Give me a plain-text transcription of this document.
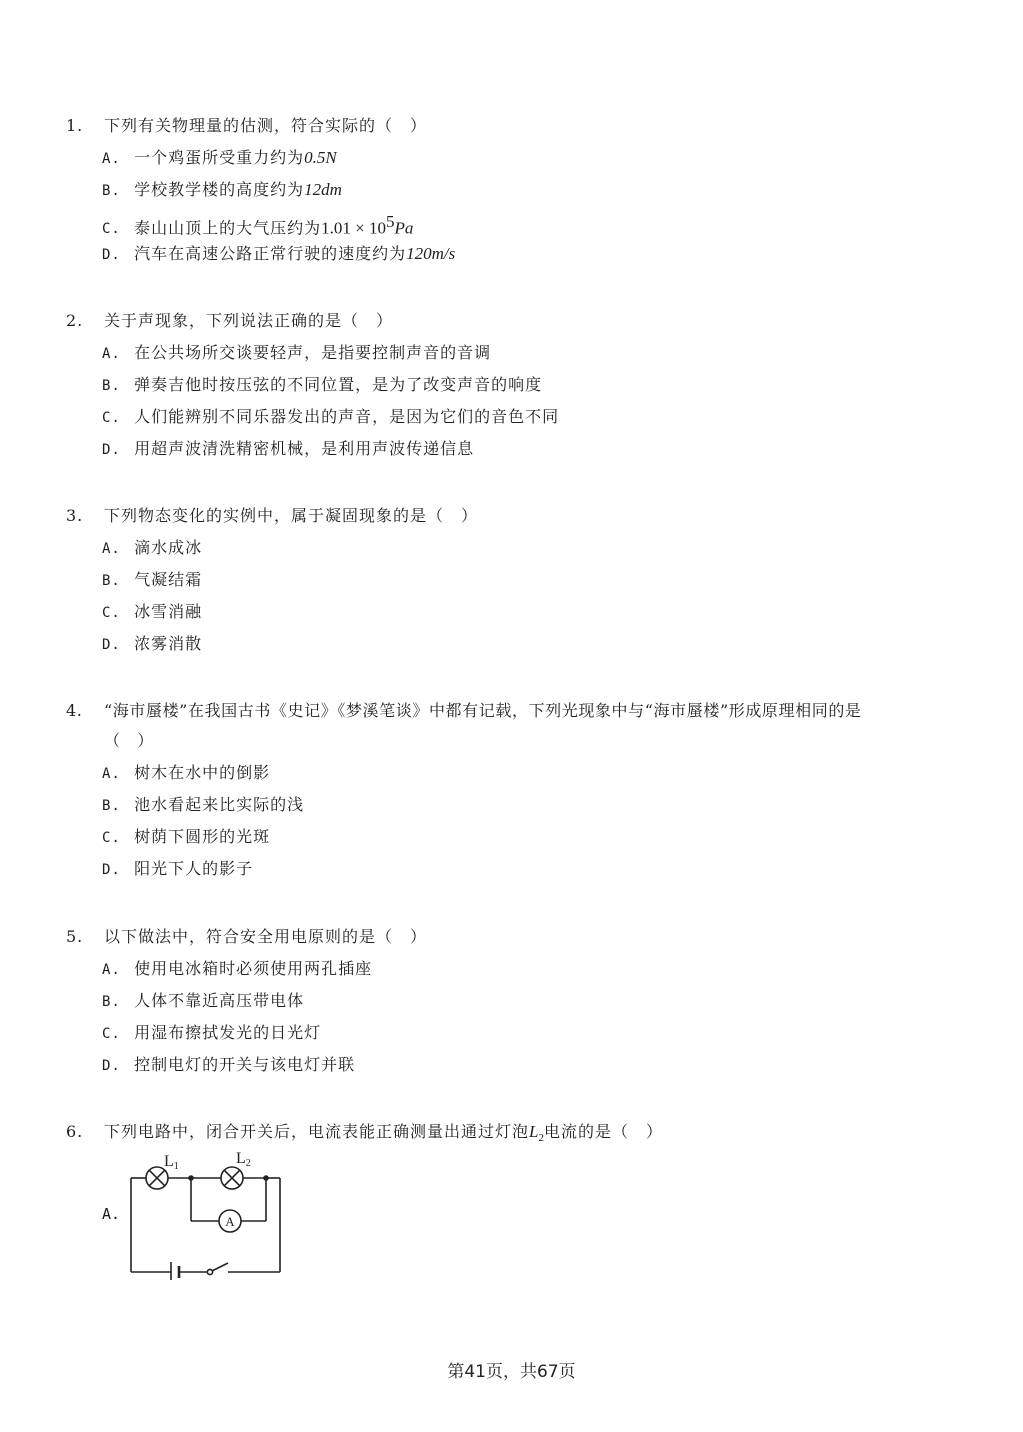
1.	下列有关物理量的估测，符合实际的（　）
A. 一个鸡蛋所受重力约为0.5N
B. 学校教学楼的高度约为12dm
C. 泰山山顶上的大气压约为$1.01 \times 10^5Pa$
D. 汽车在高速公路正常行驶的速度约为120m/s
2.	关于声现象，下列说法正确的是（　）
A. 在公共场所交谈要轻声，是指要控制声音的音调
B. 弹奏吉他时按压弦的不同位置，是为了改变声音的响度
C. 人们能辨别不同乐器发出的声音，是因为它们的音色不同
D. 用超声波清洗精密机械，是利用声波传递信息
3.	下列物态变化的实例中，属于凝固现象的是（　）
A. 滴水成冰
B. 气凝结霜
C. 冰雪消融
D. 浓雾消散
4.	“海市蜃楼”在我国古书《史记》《梦溪笔谈》中都有记载，下列光现象中与“海市蜃楼”形成原理相同的是
（　）
A. 树木在水中的倒影
B. 池水看起来比实际的浅
C. 树荫下圆形的光斑
D. 阳光下人的影子
5.	以下做法中，符合安全用电原则的是（　）
A. 使用电冰箱时必须使用两孔插座
B. 人体不靠近高压带电体
C. 用湿布擦拭发光的日光灯
D. 控制电灯的开关与该电灯并联
6.	下列电路中，闭合开关后，电流表能正确测量出通过灯泡$L_2$电流的是（　）
A.
L1	L2
A
第41页，共67页
